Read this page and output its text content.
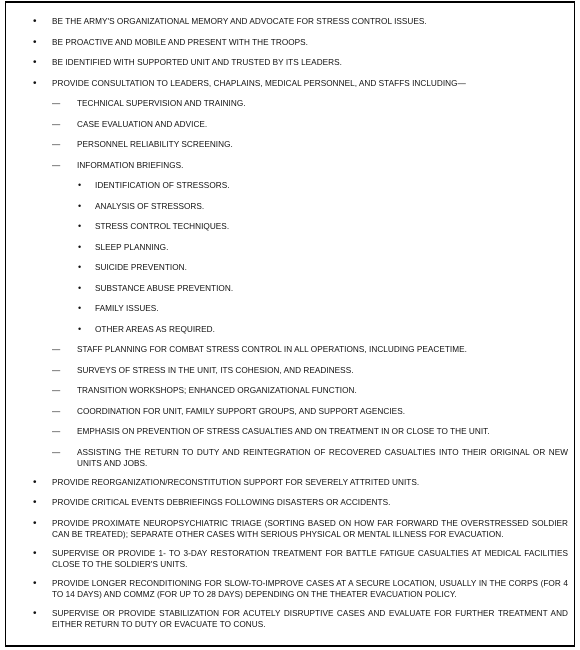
• BE THE ARMY'S ORGANIZATIONAL MEMORY AND ADVOCATE FOR STRESS CONTROL ISSUES.
• BE PROACTIVE AND MOBILE AND PRESENT WITH THE TROOPS.
• BE IDENTIFIED WITH SUPPORTED UNIT AND TRUSTED BY ITS LEADERS.
• PROVIDE CONSULTATION TO LEADERS, CHAPLAINS, MEDICAL PERSONNEL, AND STAFFS INCLUDING—
— TECHNICAL SUPERVISION AND TRAINING.
— CASE EVALUATION AND ADVICE.
— PERSONNEL RELIABILITY SCREENING.
— INFORMATION BRIEFINGS.
• IDENTIFICATION OF STRESSORS.
• ANALYSIS OF STRESSORS.
• STRESS CONTROL TECHNIQUES.
• SLEEP PLANNING.
• SUICIDE PREVENTION.
• SUBSTANCE ABUSE PREVENTION.
• FAMILY ISSUES.
• OTHER AREAS AS REQUIRED.
— STAFF PLANNING FOR COMBAT STRESS CONTROL IN ALL OPERATIONS, INCLUDING PEACETIME.
— SURVEYS OF STRESS IN THE UNIT, ITS COHESION, AND READINESS.
— TRANSITION WORKSHOPS; ENHANCED ORGANIZATIONAL FUNCTION.
— COORDINATION FOR UNIT, FAMILY SUPPORT GROUPS, AND SUPPORT AGENCIES.
— EMPHASIS ON PREVENTION OF STRESS CASUALTIES AND ON TREATMENT IN OR CLOSE TO THE UNIT.
— ASSISTING THE RETURN TO DUTY AND REINTEGRATION OF RECOVERED CASUALTIES INTO THEIR ORIGINAL OR NEW UNITS AND JOBS.
• PROVIDE REORGANIZATION/RECONSTITUTION SUPPORT FOR SEVERELY ATTRITED UNITS.
• PROVIDE CRITICAL EVENTS DEBRIEFINGS FOLLOWING DISASTERS OR ACCIDENTS.
• PROVIDE PROXIMATE NEUROPSYCHIATRIC TRIAGE (SORTING BASED ON HOW FAR FORWARD THE OVERSTRESSED SOLDIER CAN BE TREATED); SEPARATE OTHER CASES WITH SERIOUS PHYSICAL OR MENTAL ILLNESS FOR EVACUATION.
• SUPERVISE OR PROVIDE 1- TO 3-DAY RESTORATION TREATMENT FOR BATTLE FATIGUE CASUALTIES AT MEDICAL FACILITIES CLOSE TO THE SOLDIER'S UNITS.
• PROVIDE LONGER RECONDITIONING FOR SLOW-TO-IMPROVE CASES AT A SECURE LOCATION, USUALLY IN THE CORPS (FOR 4 TO 14 DAYS) AND COMMZ (FOR UP TO 28 DAYS) DEPENDING ON THE THEATER EVACUATION POLICY.
• SUPERVISE OR PROVIDE STABILIZATION FOR ACUTELY DISRUPTIVE CASES AND EVALUATE FOR FURTHER TREATMENT AND EITHER RETURN TO DUTY OR EVACUATE TO CONUS.
